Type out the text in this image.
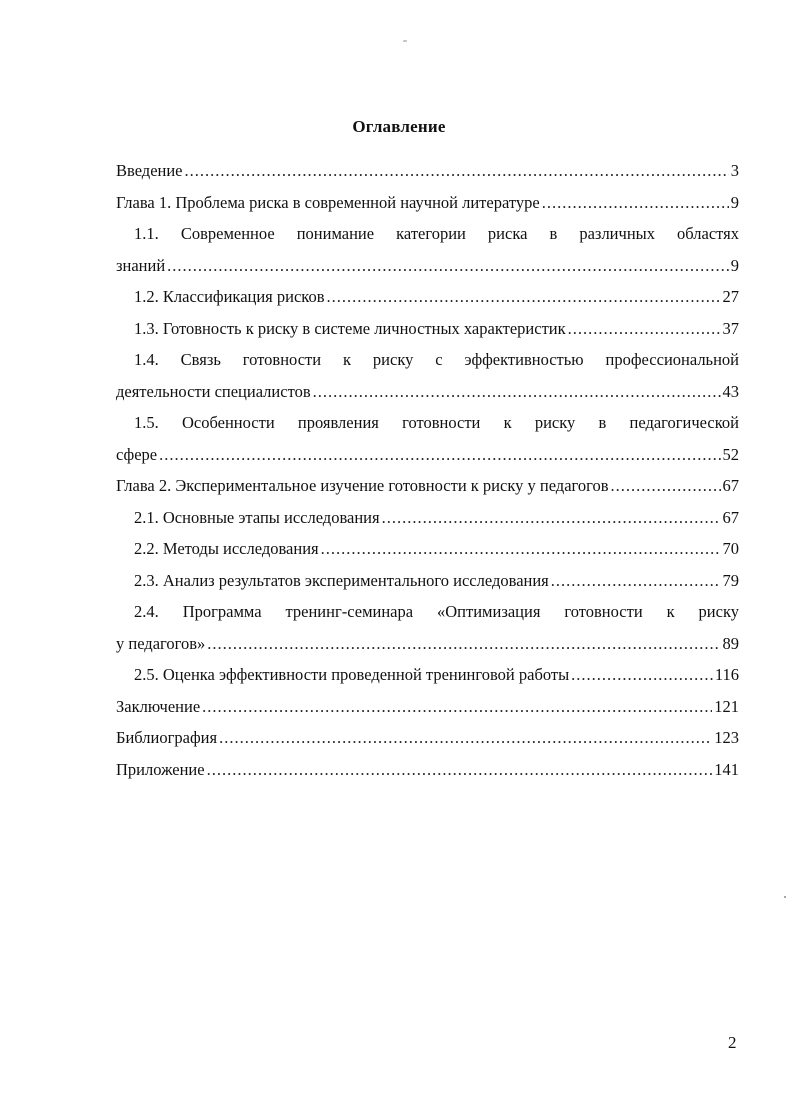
Оглавление
Введение .....	3
Глава 1. Проблема риска в современной научной литературе .....	9
1.1. Современное понимание категории риска в различных областях
знаний .....	9
1.2. Классификация рисков .....	27
1.3. Готовность к риску в системе личностных характеристик .....	37
1.4. Связь готовности к риску с эффективностью профессиональной
деятельности специалистов .....	43
1.5. Особенности проявления готовности к риску в педагогической
сфере .....	52
Глава 2. Экспериментальное изучение готовности к риску у педагогов .....	67
2.1. Основные этапы исследования .....	67
2.2. Методы исследования .....	70
2.3. Анализ результатов экспериментального исследования .....	79
2.4. Программа тренинг-семинара «Оптимизация готовности к риску
у педагогов» .....	89
2.5. Оценка эффективности проведенной тренинговой работы .....	116
Заключение .....	121
Библиография .....	123
Приложение .....	141
2
